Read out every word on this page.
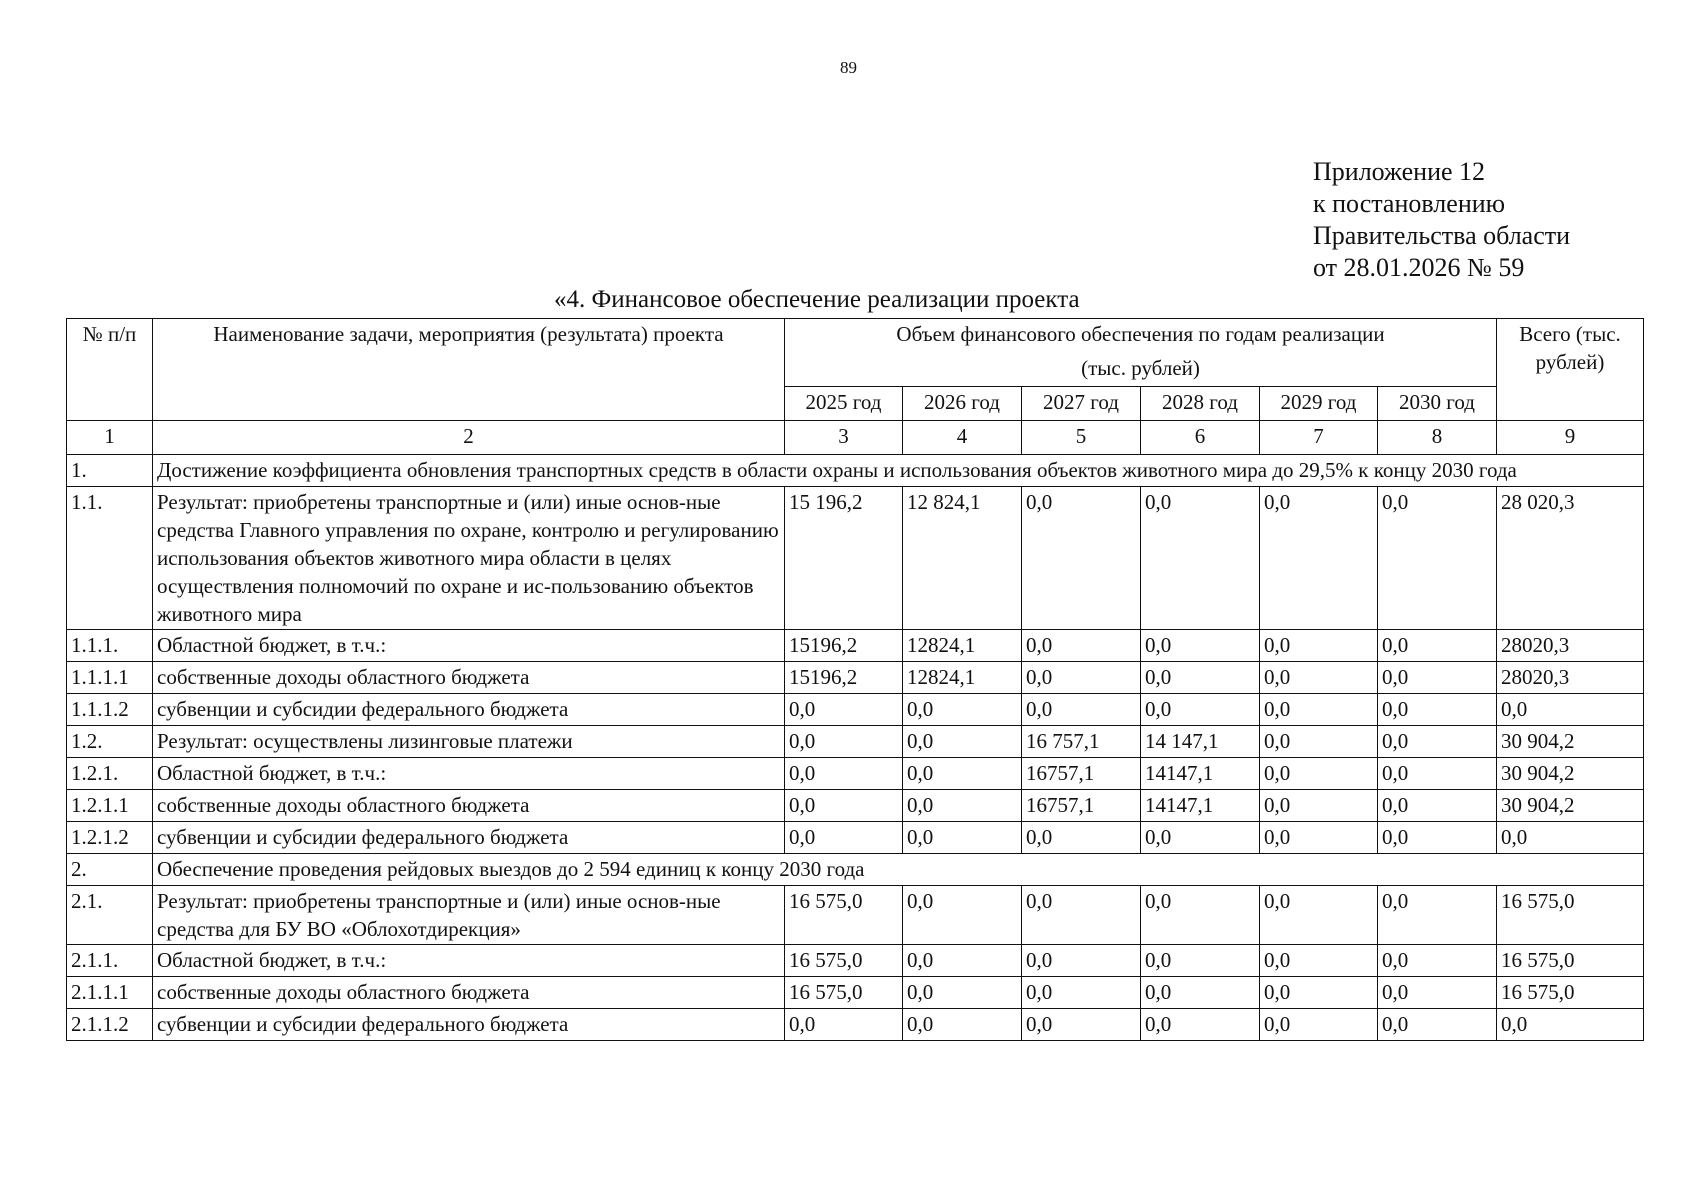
89
Приложение 12
к постановлению
Правительства области
от 28.01.2026 № 59
«4. Финансовое обеспечение реализации проекта
№ п/п	Наименование задачи, мероприятия (результата) проекта	Объем финансового обеспечения по годам реализации						Всего (тыс. рублей)
		(тыс. рублей)						
		2025 год	2026 год	2027 год	2028 год	2029 год	2030 год	
1	2	3	4	5	6	7	8	9
1.	Достижение коэффициента обновления транспортных средств в области охраны и использования объектов животного мира до 29,5% к концу 2030 года							
1.1.	Результат: приобретены транспортные и (или) иные основ-ные средства Главного управления по охране, контролю и регулированию использования объектов животного мира области в целях осуществления полномочий по охране и ис-пользованию объектов животного мира	15 196,2	12 824,1	0,0	0,0	0,0	0,0	28 020,3
1.1.1.	Областной бюджет, в т.ч.:	15196,2	12824,1	0,0	0,0	0,0	0,0	28020,3
1.1.1.1	собственные доходы областного бюджета	15196,2	12824,1	0,0	0,0	0,0	0,0	28020,3
1.1.1.2	субвенции и субсидии федерального бюджета	0,0	0,0	0,0	0,0	0,0	0,0	0,0
1.2.	Результат: осуществлены лизинговые платежи	0,0	0,0	16 757,1	14 147,1	0,0	0,0	30 904,2
1.2.1.	Областной бюджет, в т.ч.:	0,0	0,0	16757,1	14147,1	0,0	0,0	30 904,2
1.2.1.1	собственные доходы областного бюджета	0,0	0,0	16757,1	14147,1	0,0	0,0	30 904,2
1.2.1.2	субвенции и субсидии федерального бюджета	0,0	0,0	0,0	0,0	0,0	0,0	0,0
2.	Обеспечение проведения рейдовых выездов до 2 594 единиц к концу 2030 года							
2.1.	Результат: приобретены транспортные и (или) иные основ-ные средства для БУ ВО «Облохотдирекция»	16 575,0	0,0	0,0	0,0	0,0	0,0	16 575,0
2.1.1.	Областной бюджет, в т.ч.:	16 575,0	0,0	0,0	0,0	0,0	0,0	16 575,0
2.1.1.1	собственные доходы областного бюджета	16 575,0	0,0	0,0	0,0	0,0	0,0	16 575,0
2.1.1.2	субвенции и субсидии федерального бюджета	0,0	0,0	0,0	0,0	0,0	0,0	0,0
